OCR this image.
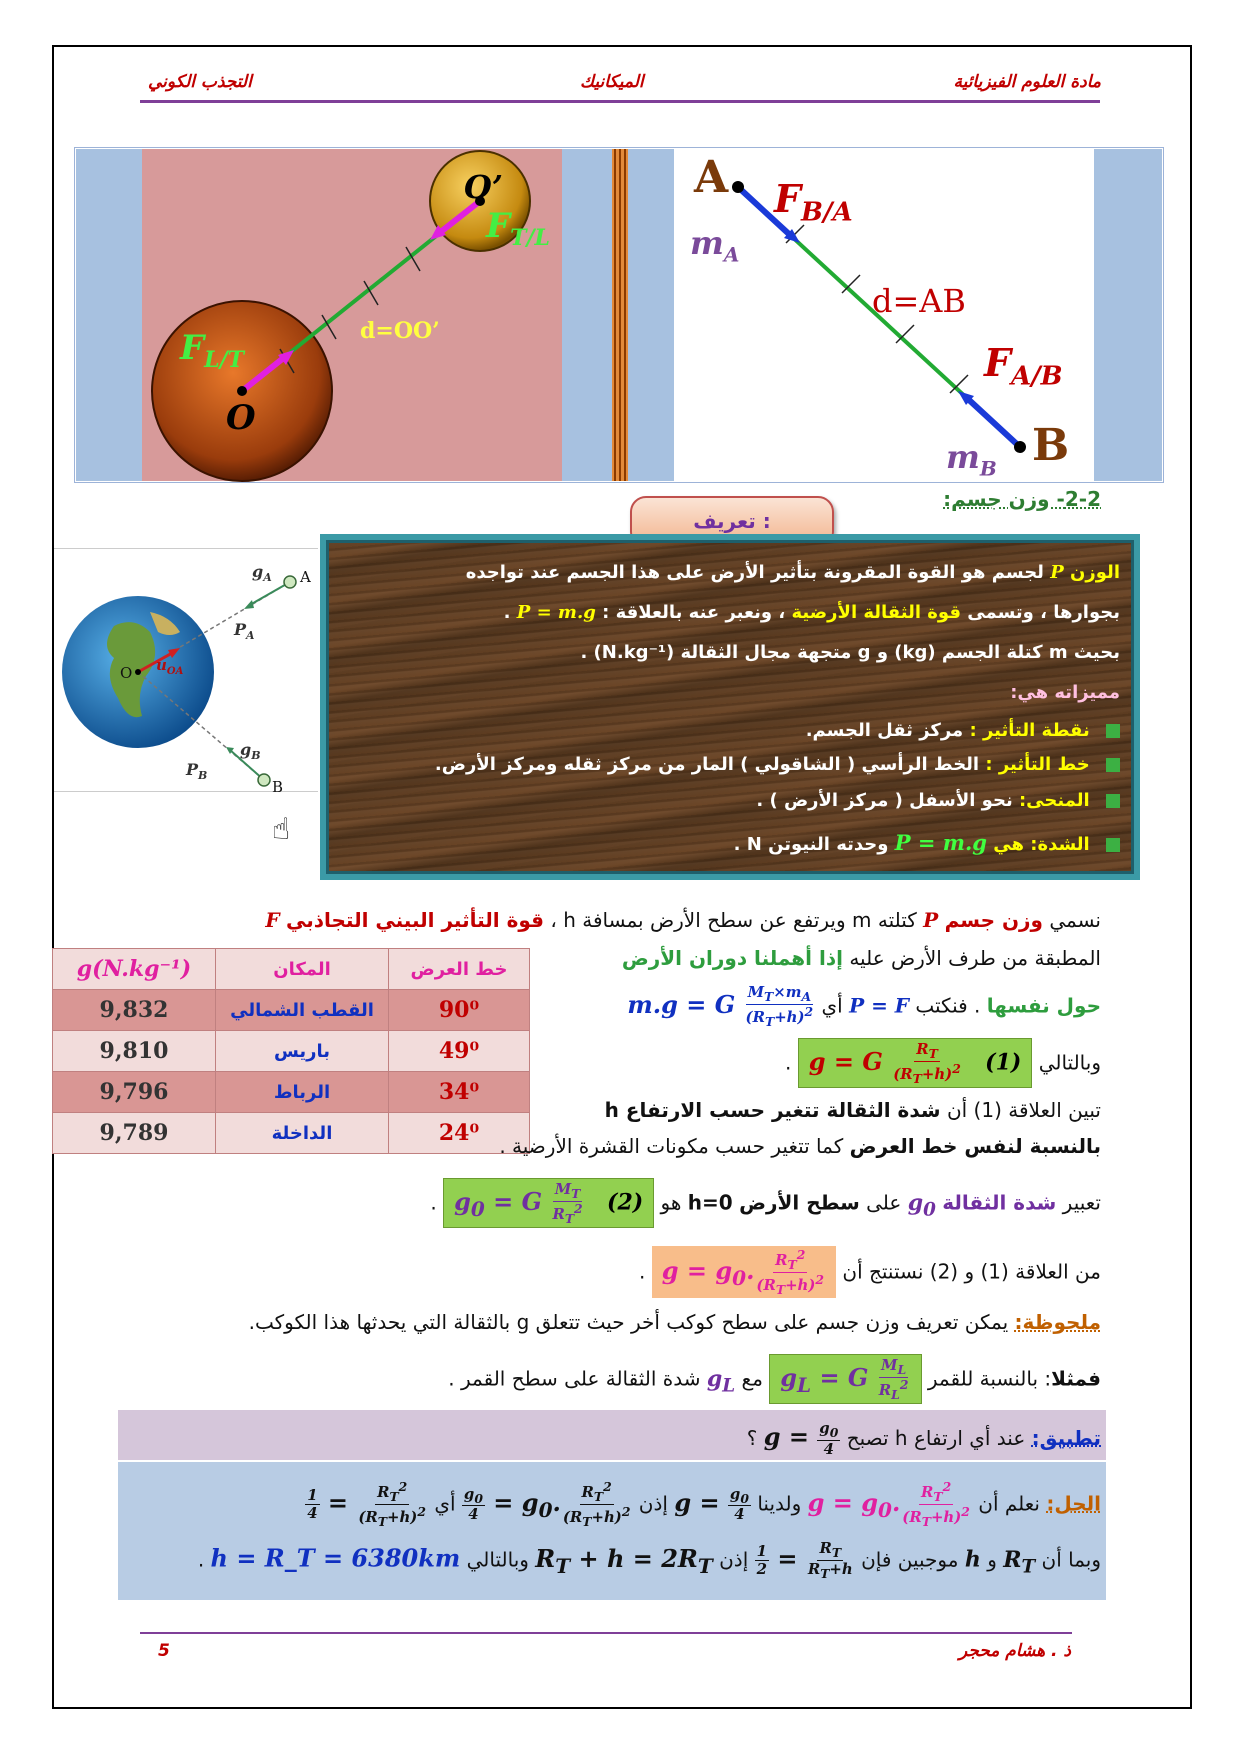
مادة العلوم الفيزيائية
الميكانيك
التجذب الكوني
O
O’
d=OO’
$F_{L/T}$
$F_{T/L}$
A
B
$m_A$
$m_B$
d=AB
$F_{B/A}$
$F_{A/B}$
2-2- وزن جسم:
$g_A$
$P_A$
$g_B$
$P_B$
A
B
O $u_{OA}$
☝
تعريف :
الوزن P لجسم هو القوة المقرونة بتأثير الأرض على هذا الجسم عند تواجده
بجوارها ، وتسمى قوة الثقالة الأرضية ، ونعبر عنه بالعلاقة : P = m.g .
بحيث m كتلة الجسم (kg) و g متجهة مجال الثقالة (N.kg⁻¹) .
مميزاته هي:
نقطة التأثير : مركز ثقل الجسم.
خط التأثير : الخط الرأسي ( الشاقولي ) المار من مركز ثقله ومركز الأرض.
المنحى: نحو الأسفل ( مركز الأرض ) .
الشدة: هي P = m.g وحدته النيوتن N .
g(N.kg⁻¹)	المكان	خط العرض
9,832	القطب الشمالي	90⁰
9,810	باريس	49⁰
9,796	الرباط	34⁰
9,789	الداخلة	24⁰
نسمي وزن جسم P كتلته m ويرتفع عن سطح الأرض بمسافة h ، قوة التأثير البيني التجاذبي F
المطبقة من طرف الأرض عليه إذا أهملنا دوران الأرض
حول نفسها . فنكتب P = F أي m.g = G $\frac{M_T\times m_A}{(R_T+h)^2}$
وبالتالي (1) g = G $\frac{R_T}{(R_T+h)^2}$
.
تبين العلاقة (1) أن شدة الثقالة تتغير حسب الارتفاع h
بالنسبة لنفس خط العرض كما تتغير حسب مكونات القشرة الأرضية .
تعبير شدة الثقالة $g_0$ على سطح الأرض h=0 هو (2) $g_0 = G \frac{M_T}{R_T^2}$
.
من العلاقة (1) و (2) نستنتج أن $g = g_0$. $\frac{R_T^2}{(R_T+h)^2}$
.
ملحوظة: يمكن تعريف وزن جسم على سطح كوكب أخر حيث تتعلق g بالثقالة التي يحدثها هذا الكوكب.
فمثلا: بالنسبة للقمر $g_L = G \frac{M_L}{R_L^2}$
مع $g_L$ شدة الثقالة على سطح القمر .
تطبيق: عند أي ارتفاع h تصبح $g = \frac{g_0}{4}$
؟
الحل: نعلم أن $g = g_0$. $\frac{R_T^2}{(R_T+h)^2}$
ولدينا $g = \frac{g_0}{4}$
إذن
$\frac{g_0}{4} = g_0$. $\frac{R_T^2}{(R_T+h)^2}$
أي
$\frac{1}{4} = \frac{R_T^2}{(R_T+h)^2}$
وبما أن $R_T$ و h موجبين فإن
$\frac{1}{2} = \frac{R_T}{R_T+h}$
إذن $R_T + h = 2R_T$ وبالتالي h = R_T = 6380km .
ذ . هشام محجر
5
